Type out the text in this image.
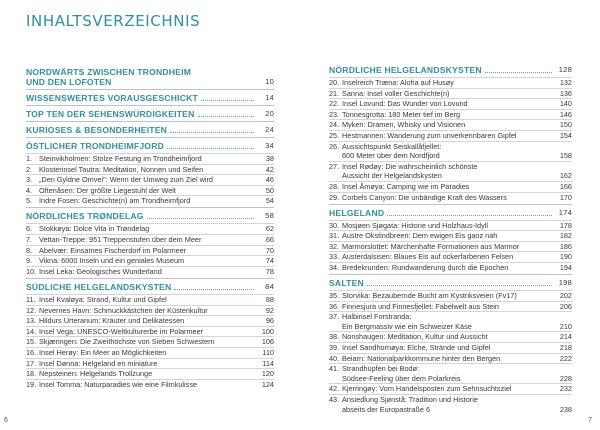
INHALTSVERZEICHNIS
NORDWÄRTS ZWISCHEN TRONDHEIM
UND DEN LOFOTEN	10
WISSENSWERTES VORAUSGESCHICKT	14
TOP TEN DER SEHENSWÜRDIGKEITEN	20
KURIOSES & BESONDERHEITEN	24
ÖSTLICHER TRONDHEIMFJORD	34
1. Steinvikholmen: Stolze Festung im Trondheimfjord	38
2. Klosterinsel Tautra: Meditation, Nonnen und Seifen	42
3. „Den Gyldne Omvei": Wenn der Umweg zum Ziel wird	46
4. Oftenåsen: Der größte Liegestuhl der Welt	50
5. Indre Fosen: Geschichte(n) am Trondheimfjord	54
NÖRDLICHES TRØNDELAG	58
6. Stokkøya: Dolce Vita in Trøndelag	62
7. Vettan-Treppe: 951 Treppenstufen über dem Meer	66
8. Abelvær: Einsames Fischerdorf im Polarmeer	70
9. Vikna: 6000 Inseln und ein geniales Museum	74
10. Insel Leka: Geologisches Wunderland	78
SÜDLICHE HELGELANDSKYSTEN	84
11. Insel Kvaløya: Strand, Kultur und Gipfel	88
12. Nevernes Havn: Schmuckkästchen der Küstenkultur	92
13. Hildurs Urterarium: Kräuter und Delikatessen	96
14. Insel Vega: UNESCO-Weltkulturerbe im Polarmeer	100
15. Skjæringen: Die Zweithöchste von Sieben Schwestern	106
16. Insel Herøy: Ein Meer an Möglichkeiten	110
17. Insel Dønna: Helgeland en miniature	114
18. Nepsteinen: Helgelands Trollzunge	120
19. Insel Tomma: Naturparadies wie eine Filmkulisse	124
6
NÖRDLICHE HELGELANDSKYSTEN	128
20. Inselreich Træna: Aloha auf Husøy	132
21. Sanna: Insel voller Geschichte(n)	136
22. Insel Lovund: Das Wunder von Lovund	140
23. Tonnesgrotta: 180 Meter tief im Berg	146
24. Myken: Dramen, Whisky und Visionen	150
25. Hestmannen: Wanderung zum unverkennbaren Gipfel	154
26. Aussichtspunkt Seiskallåfjellet:
600 Meter über dem Nordfjord	158
27. Insel Rødøy: Die wahrscheinlich schönste
Aussicht der Helgelandskysten	162
28. Insel Åmøya: Camping wie im Paradies	166
29. Corbels Canyon: Die unbändige Kraft des Wassers	170
HELGELAND	174
30. Mosjøen Sjøgata: Historie und Holzhaus-Idyll	178
31. Austre Okstindbreen: Dem ewigen Eis ganz nah	182
32. Marmorslottet: Märchenhafte Formationen aus Marmor	186
33. Austerdalsisen: Blaues Eis auf ockerfarbenen Felsen	190
34. Bredekrunden: Rundwanderung durch die Epochen	194
SALTEN	198
35. Storvika: Bezaubernde Bucht am Kystriksveien (Fv17)	202
36. Finnesjura und Finnesfjellet: Fabelwelt aus Stein	206
37. Halbinsel Forstranda:
Ein Bergmassiv wie ein Schweizer Käse	210
38. Nonshaugen: Meditation, Kultur und Aussicht	214
39. Insel Sandhornøya: Elche, Strände und Gipfel	218
40. Beiarn: Nationalparkkommune hinter den Bergen	222
41. Strandhüpfen bei Bodø:
Südsee-Feeling über dem Polarkreis	228
42. Kjerringøy: Vom Handelsposten zum Sehnsuchtsziel	232
43. Ansiedlung Sjønstå: Tradition und Historie
abseits der Europastraße 6	238
7
